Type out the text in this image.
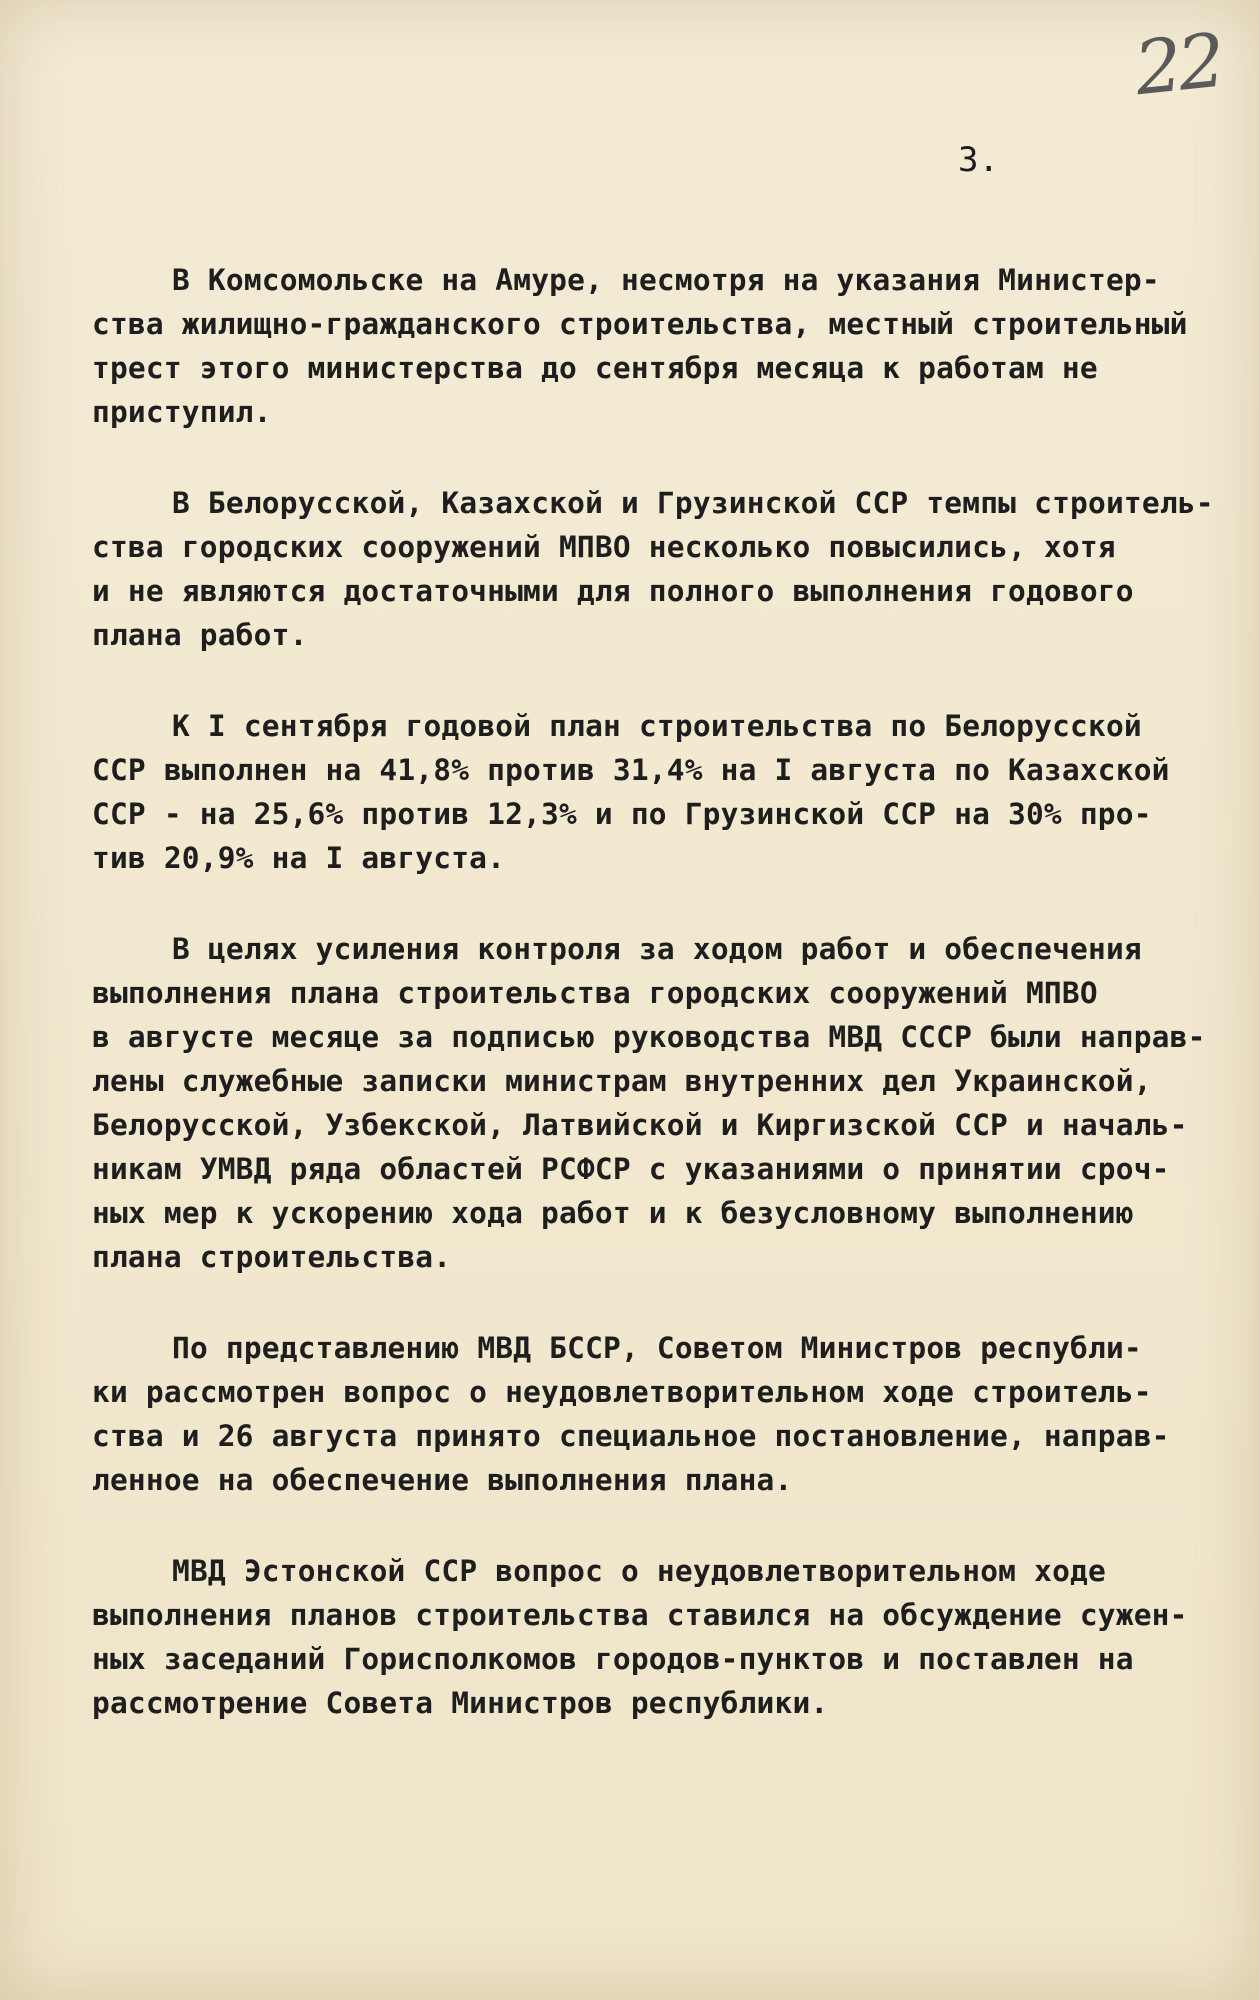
22
3.
В Комсомольске на Амуре, несмотря на указания Министер-
ства жилищно-гражданского строительства, местный строительный
трест этого министерства до сентября месяца к работам не
приступил.
В Белорусской, Казахской и Грузинской ССР темпы строитель-
ства городских сооружений МПВО несколько повысились, хотя
и не являются достаточными для полного выполнения годового
плана работ.
К I сентября годовой план строительства по Белорусской
ССР выполнен на 41,8% против 31,4% на I августа по Казахской
ССР - на 25,6% против 12,3% и по Грузинской ССР на 30% про-
тив 20,9% на I августа.
В целях усиления контроля за ходом работ и обеспечения
выполнения плана строительства городских сооружений МПВО
в августе месяце за подписью руководства МВД СССР были направ-
лены служебные записки министрам внутренних дел Украинской,
Белорусской, Узбекской, Латвийской и Киргизской ССР и началь-
никам УМВД ряда областей РСФСР с указаниями о принятии сроч-
ных мер к ускорению хода работ и к безусловному выполнению
плана строительства.
По представлению МВД БССР, Советом Министров республи-
ки рассмотрен вопрос о неудовлетворительном ходе строитель-
ства и 26 августа принято специальное постановление, направ-
ленное на обеспечение выполнения плана.
МВД Эстонской ССР вопрос о неудовлетворительном ходе
выполнения планов строительства ставился на обсуждение сужен-
ных заседаний Горисполкомов городов-пунктов и поставлен на
рассмотрение Совета Министров республики.
